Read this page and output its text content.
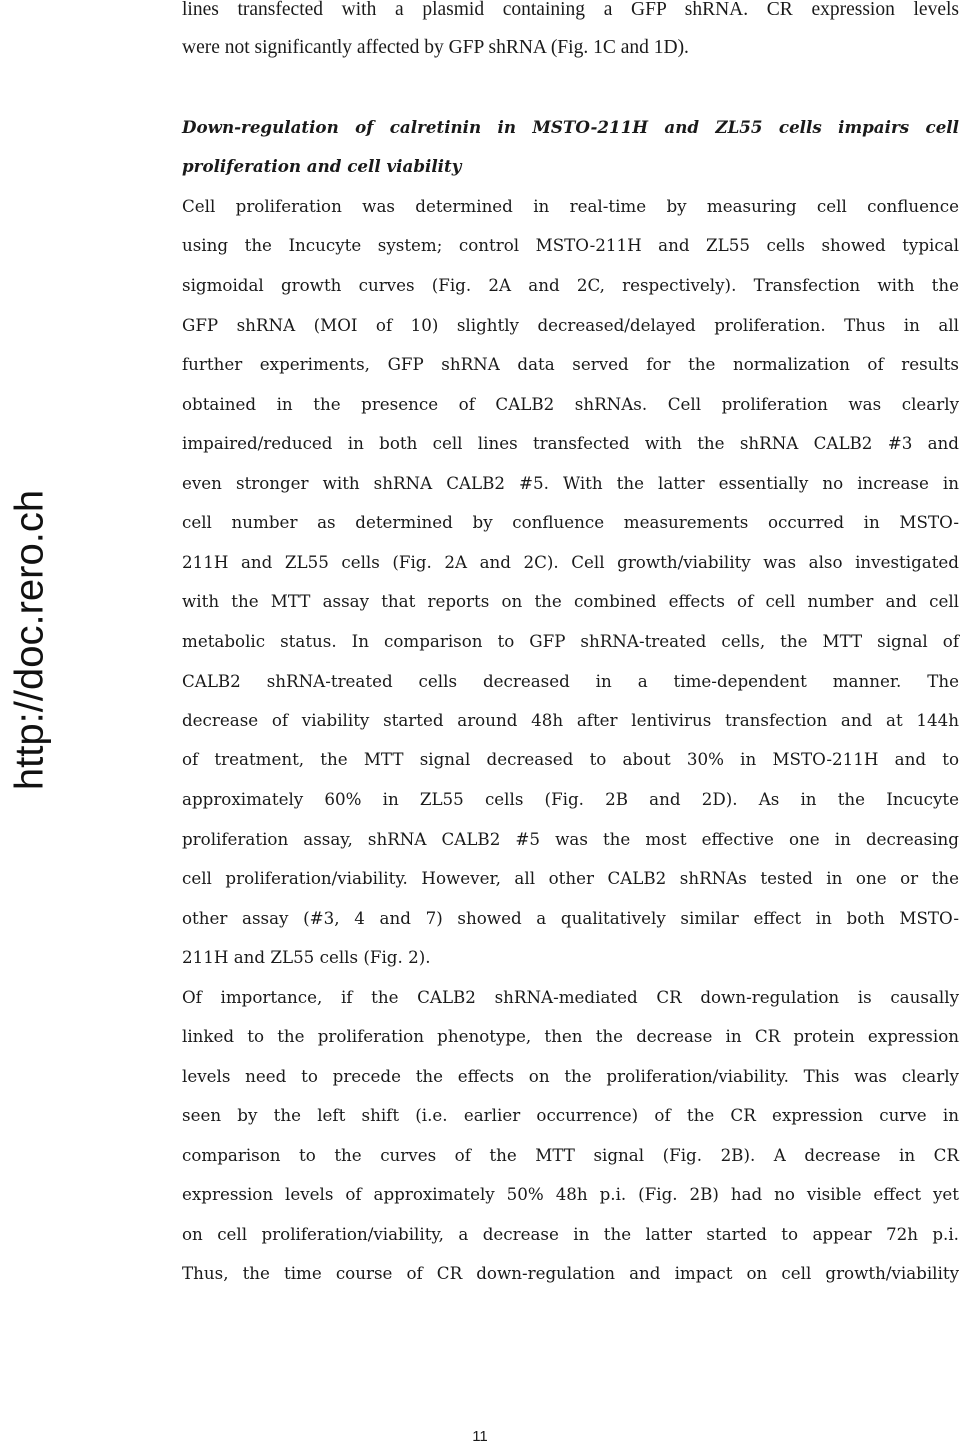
http://doc.rero.ch
lines transfected with a plasmid containing a GFP shRNA. CR expression levels
were not significantly affected by GFP shRNA (Fig. 1C and 1D).
Down-regulation of calretinin in MSTO-211H and ZL55 cells impairs cell
proliferation and cell viability
Cell proliferation was determined in real-time by measuring cell confluence
using the Incucyte system; control MSTO-211H and ZL55 cells showed typical
sigmoidal growth curves (Fig. 2A and 2C, respectively). Transfection with the
GFP shRNA (MOI of 10) slightly decreased/delayed proliferation. Thus in all
further experiments, GFP shRNA data served for the normalization of results
obtained in the presence of CALB2 shRNAs. Cell proliferation was clearly
impaired/reduced in both cell lines transfected with the shRNA CALB2 #3 and
even stronger with shRNA CALB2 #5. With the latter essentially no increase in
cell number as determined by confluence measurements occurred in MSTO-
211H and ZL55 cells (Fig. 2A and 2C). Cell growth/viability was also investigated
with the MTT assay that reports on the combined effects of cell number and cell
metabolic status. In comparison to GFP shRNA-treated cells, the MTT signal of
CALB2 shRNA-treated cells decreased in a time-dependent manner. The
decrease of viability started around 48h after lentivirus transfection and at 144h
of treatment, the MTT signal decreased to about 30% in MSTO-211H and to
approximately 60% in ZL55 cells (Fig. 2B and 2D). As in the Incucyte
proliferation assay, shRNA CALB2 #5 was the most effective one in decreasing
cell proliferation/viability. However, all other CALB2 shRNAs tested in one or the
other assay (#3, 4 and 7) showed a qualitatively similar effect in both MSTO-
211H and ZL55 cells (Fig. 2).
Of importance, if the CALB2 shRNA-mediated CR down-regulation is causally
linked to the proliferation phenotype, then the decrease in CR protein expression
levels need to precede the effects on the proliferation/viability. This was clearly
seen by the left shift (i.e. earlier occurrence) of the CR expression curve in
comparison to the curves of the MTT signal (Fig. 2B). A decrease in CR
expression levels of approximately 50% 48h p.i. (Fig. 2B) had no visible effect yet
on cell proliferation/viability, a decrease in the latter started to appear 72h p.i.
Thus, the time course of CR down-regulation and impact on cell growth/viability
11
